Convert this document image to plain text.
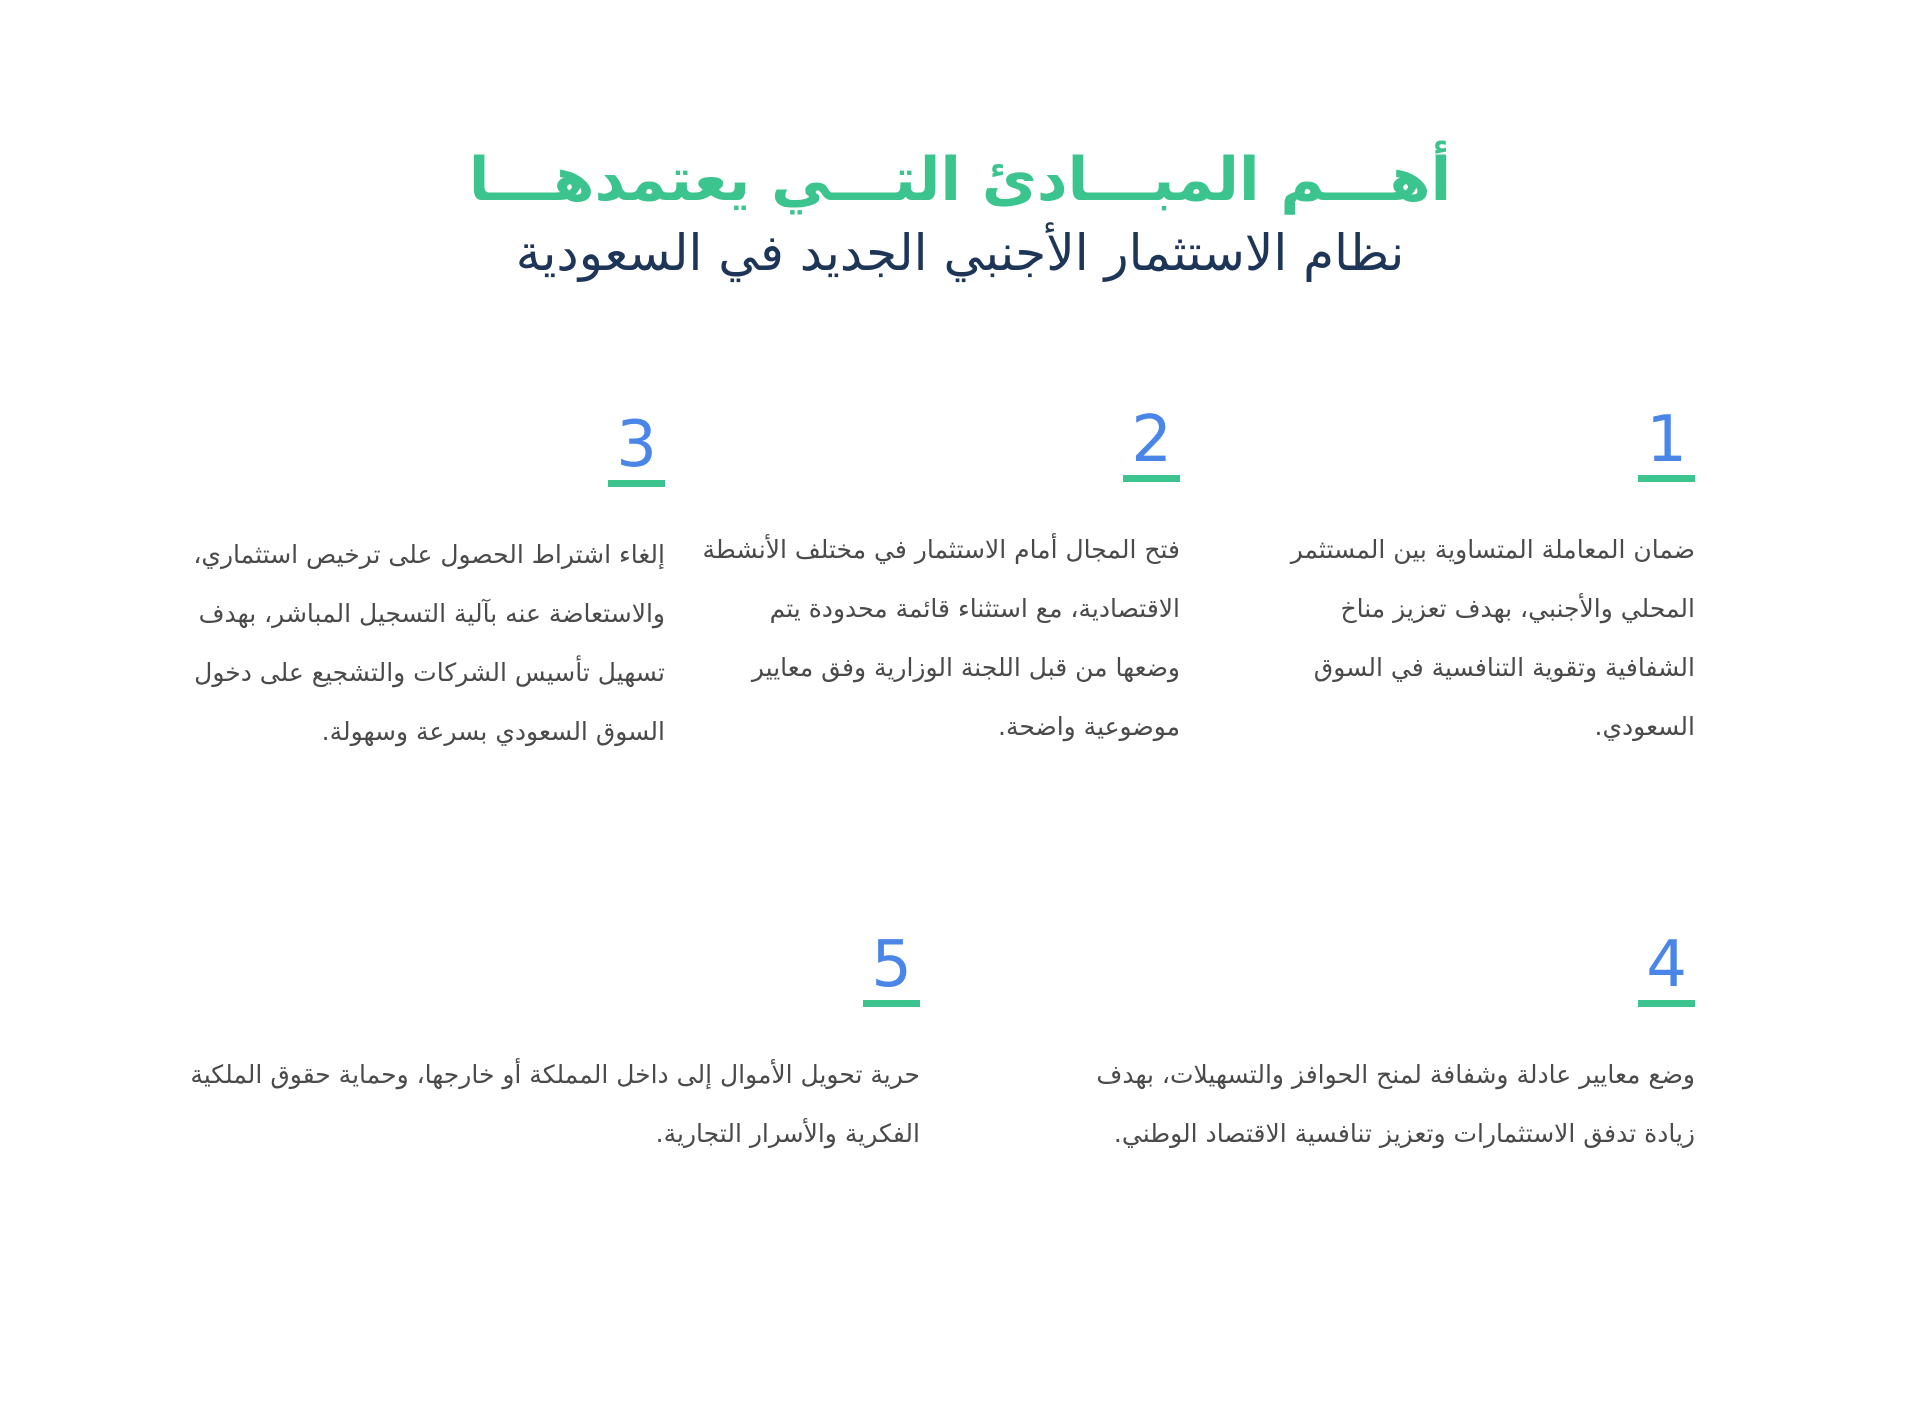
أهـــم المبـــادئ التـــي يعتمدهـــا

نظام الاستثمار الأجنبي الجديد في السعودية

1
ضمان المعاملة المتساوية بين المستثمر المحلي والأجنبي، بهدف تعزيز مناخ الشفافية وتقوية التنافسية في السوق السعودي.
2
فتح المجال أمام الاستثمار في مختلف الأنشطة الاقتصادية، مع استثناء قائمة محدودة يتم وضعها من قبل اللجنة الوزارية وفق معايير موضوعية واضحة.
3
إلغاء اشتراط الحصول على ترخيص استثماري، والاستعاضة عنه بآلية التسجيل المباشر، بهدف تسهيل تأسيس الشركات والتشجيع على دخول السوق السعودي بسرعة وسهولة.
4
وضع معايير عادلة وشفافة لمنح الحوافز والتسهيلات، بهدف زيادة تدفق الاستثمارات وتعزيز تنافسية الاقتصاد الوطني.
5
حرية تحويل الأموال إلى داخل المملكة أو خارجها، وحماية حقوق الملكية الفكرية والأسرار التجارية.
